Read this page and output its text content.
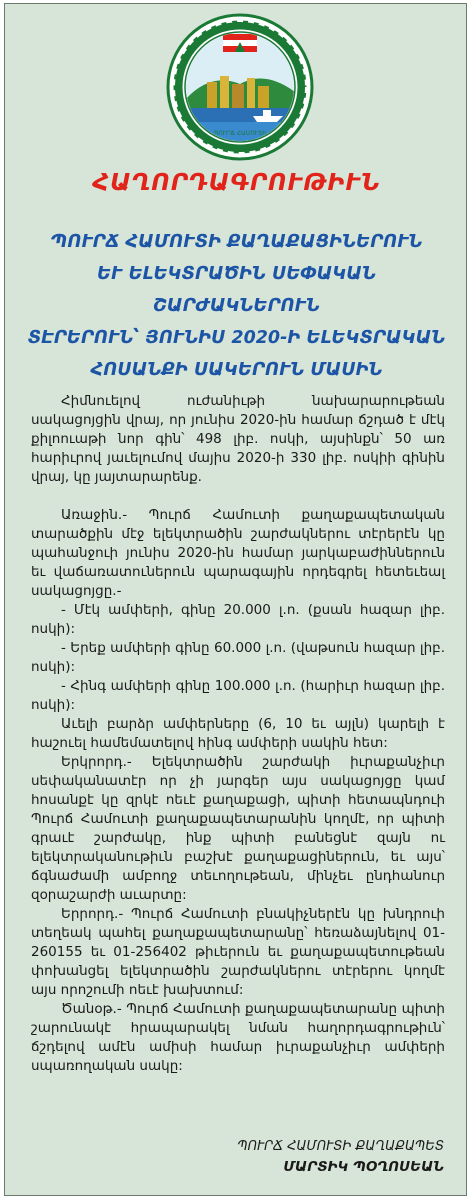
ՊՈՒՐՃ ՀԱՄՈՒՏԻ
ՀԱՂՈՐԴԱԳՐՈՒԹԻՒՆ
ՊՈՒՐՃ ՀԱՄՈՒՏԻ ՔԱՂԱՔԱՑԻՆԵՐՈՒՆ
ԵՒ ԵԼԵԿՏՐԱԾԻՆ ՍԵՓԱԿԱՆ ՇԱՐԺԱԿՆԵՐՈՒՆ
ՏԷՐԵՐՈՒՆ՝ ՅՈՒՆԻՍ 2020-Ի ԵԼԵԿՏՐԱԿԱՆ
ՀՈՍԱՆՔԻ ՍԱԿԵՐՈՒՆ ՄԱՍԻՆ

Հիմնուելով ուժանիւթի նախարարութեան սակացոյցին վրայ, որ յունիս 2020-ին համար ճշդած է մէկ քիլոուաթի նոր գին՝ 498 լիբ. ոսկի, այսինքն՝ 50 առ հարիւրով յաւելումով մայիս 2020-ի 330 լիբ. ոսկիի գինին վրայ, կը յայտարարենք.

Առաջին.- Պուրճ Համուտի քաղաքապետական տարածքին մէջ ելեկտրածին շարժակներու տէրերէն կը պահանջուի յունիս 2020-ին համար յարկաբաժիններուն եւ վաճառատուներուն պարագային որդեգրել հետեւեալ սակացոյցը.-

- Մէկ ամփերի, գինը 20.000 լ.ո. (քսան հազար լիբ. ոսկի):

- Երեք ամփերի գինը 60.000 լ.ո. (վաթսուն հազար լիբ. ոսկի):

- Հինգ ամփերի գինը 100.000 լ.ո. (հարիւր հազար լիբ. ոսկի):

Աւելի բարձր ամփերները (6, 10 եւ այլն) կարելի է հաշուել համեմատելով հինգ ամփերի սակին հետ:

Երկրորդ.- Ելեկտրածին շարժակի իւրաքանչիւր սեփականատէր որ չի յարգեր այս սակացոյցը կամ հոսանքէ կը զրկէ ոեւէ քաղաքացի, պիտի հետապնդուի Պուրճ Համուտի քաղաքապետարանին կողմէ, որ պիտի գրաւէ շարժակը, ինք պիտի բանեցնէ զայն ու ելեկտրականութիւն բաշխէ քաղաքացիներուն, եւ այս՝ ճգնաժամի ամբողջ տեւողութեան, մինչեւ ընդհանուր զօրաշարժի աւարտը:

Երրորդ.- Պուրճ Համուտի բնակիչներէն կը խնդրուի տեղեակ պահել քաղաքապետարանը՝ հեռաձայնելով 01-260155 եւ 01-256402 թիւերուն եւ քաղաքապետութեան փոխանցել ելեկտրածին շարժակներու տէրերու կողմէ այս որոշումի ոեւէ խախտում:

Ծանօթ.- Պուրճ Համուտի քաղաքապետարանը պիտի շարունակէ հրապարակել նման հաղորդագրութիւն՝ ճշդելով ամէն ամիսի համար իւրաքանչիւր ամփերի սպառողական սակը:

ՊՈՒՐՃ ՀԱՄՈՒՏԻ ՔԱՂԱՔԱՊԵՏ
ՄԱՐՏԻԿ ՊՕՂՈՍԵԱՆ
